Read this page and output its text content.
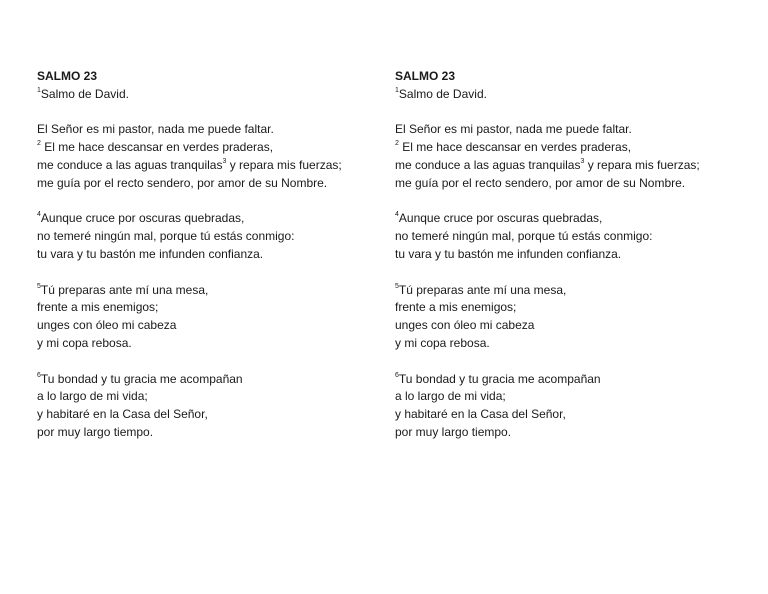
SALMO 23
$^1$Salmo de David.
El Señor es mi pastor, nada me puede faltar.
$^2$ El me hace descansar en verdes praderas,
me conduce a las aguas tranquilas$^3$ y repara mis fuerzas;
me guía por el recto sendero, por amor de su Nombre.
$^4$Aunque cruce por oscuras quebradas,
no temeré ningún mal, porque tú estás conmigo:
tu vara y tu bastón me infunden confianza.
$^5$Tú preparas ante mí una mesa,
frente a mis enemigos;
unges con óleo mi cabeza
y mi copa rebosa.
$^6$Tu bondad y tu gracia me acompañan
a lo largo de mi vida;
y habitaré en la Casa del Señor,
por muy largo tiempo.
SALMO 23
$^1$Salmo de David.
El Señor es mi pastor, nada me puede faltar.
$^2$ El me hace descansar en verdes praderas,
me conduce a las aguas tranquilas$^3$ y repara mis fuerzas;
me guía por el recto sendero, por amor de su Nombre.
$^4$Aunque cruce por oscuras quebradas,
no temeré ningún mal, porque tú estás conmigo:
tu vara y tu bastón me infunden confianza.
$^5$Tú preparas ante mí una mesa,
frente a mis enemigos;
unges con óleo mi cabeza
y mi copa rebosa.
$^6$Tu bondad y tu gracia me acompañan
a lo largo de mi vida;
y habitaré en la Casa del Señor,
por muy largo tiempo.
